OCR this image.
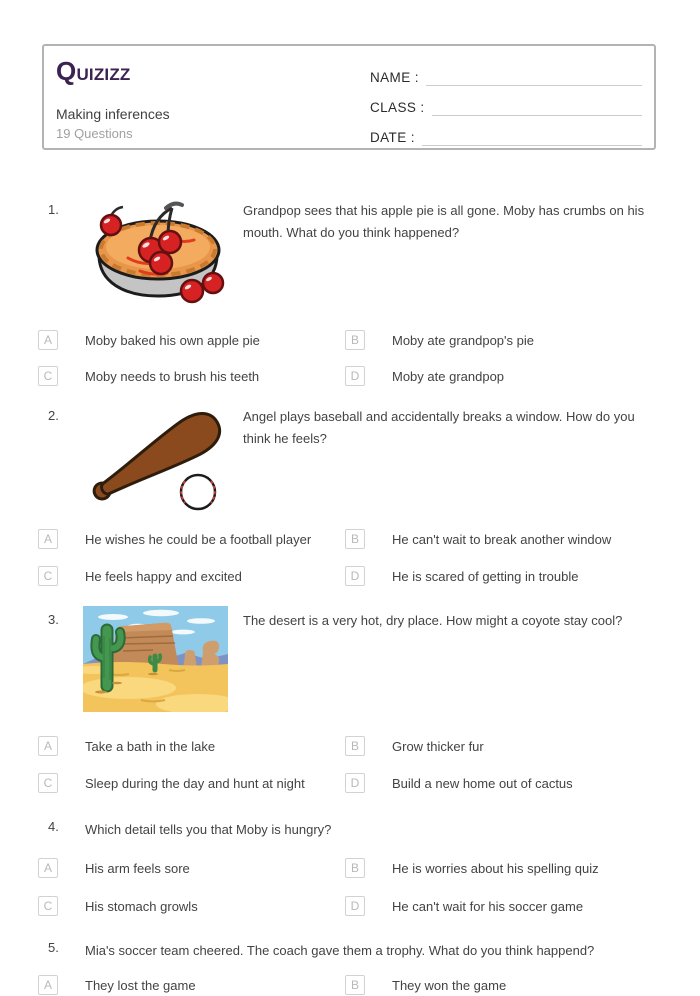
QUIZIZZ
Making inferences
19 Questions
NAME :
CLASS :
DATE :
1.	Grandpop sees that his apple pie is all gone. Moby has crumbs on his mouth. What do you think happened?
A	Moby baked his own apple pie	B	Moby ate grandpop's pie
C	Moby needs to brush his teeth	D	Moby ate grandpop
2.	Angel plays baseball and accidentally breaks a window. How do you think he feels?
A	He wishes he could be a football player	B	He can't wait to break another window
C	He feels happy and excited	D	He is scared of getting in trouble
3.	The desert is a very hot, dry place. How might a coyote stay cool?
A	Take a bath in the lake	B	Grow thicker fur
C	Sleep during the day and hunt at night	D	Build a new home out of cactus
4. Which detail tells you that Moby is hungry?
A	His arm feels sore	B	He is worries about his spelling quiz
C	His stomach growls	D	He can't wait for his soccer game
5. Mia's soccer team cheered. The coach gave them a trophy. What do you think happend?
A	They lost the game	B	They won the game
